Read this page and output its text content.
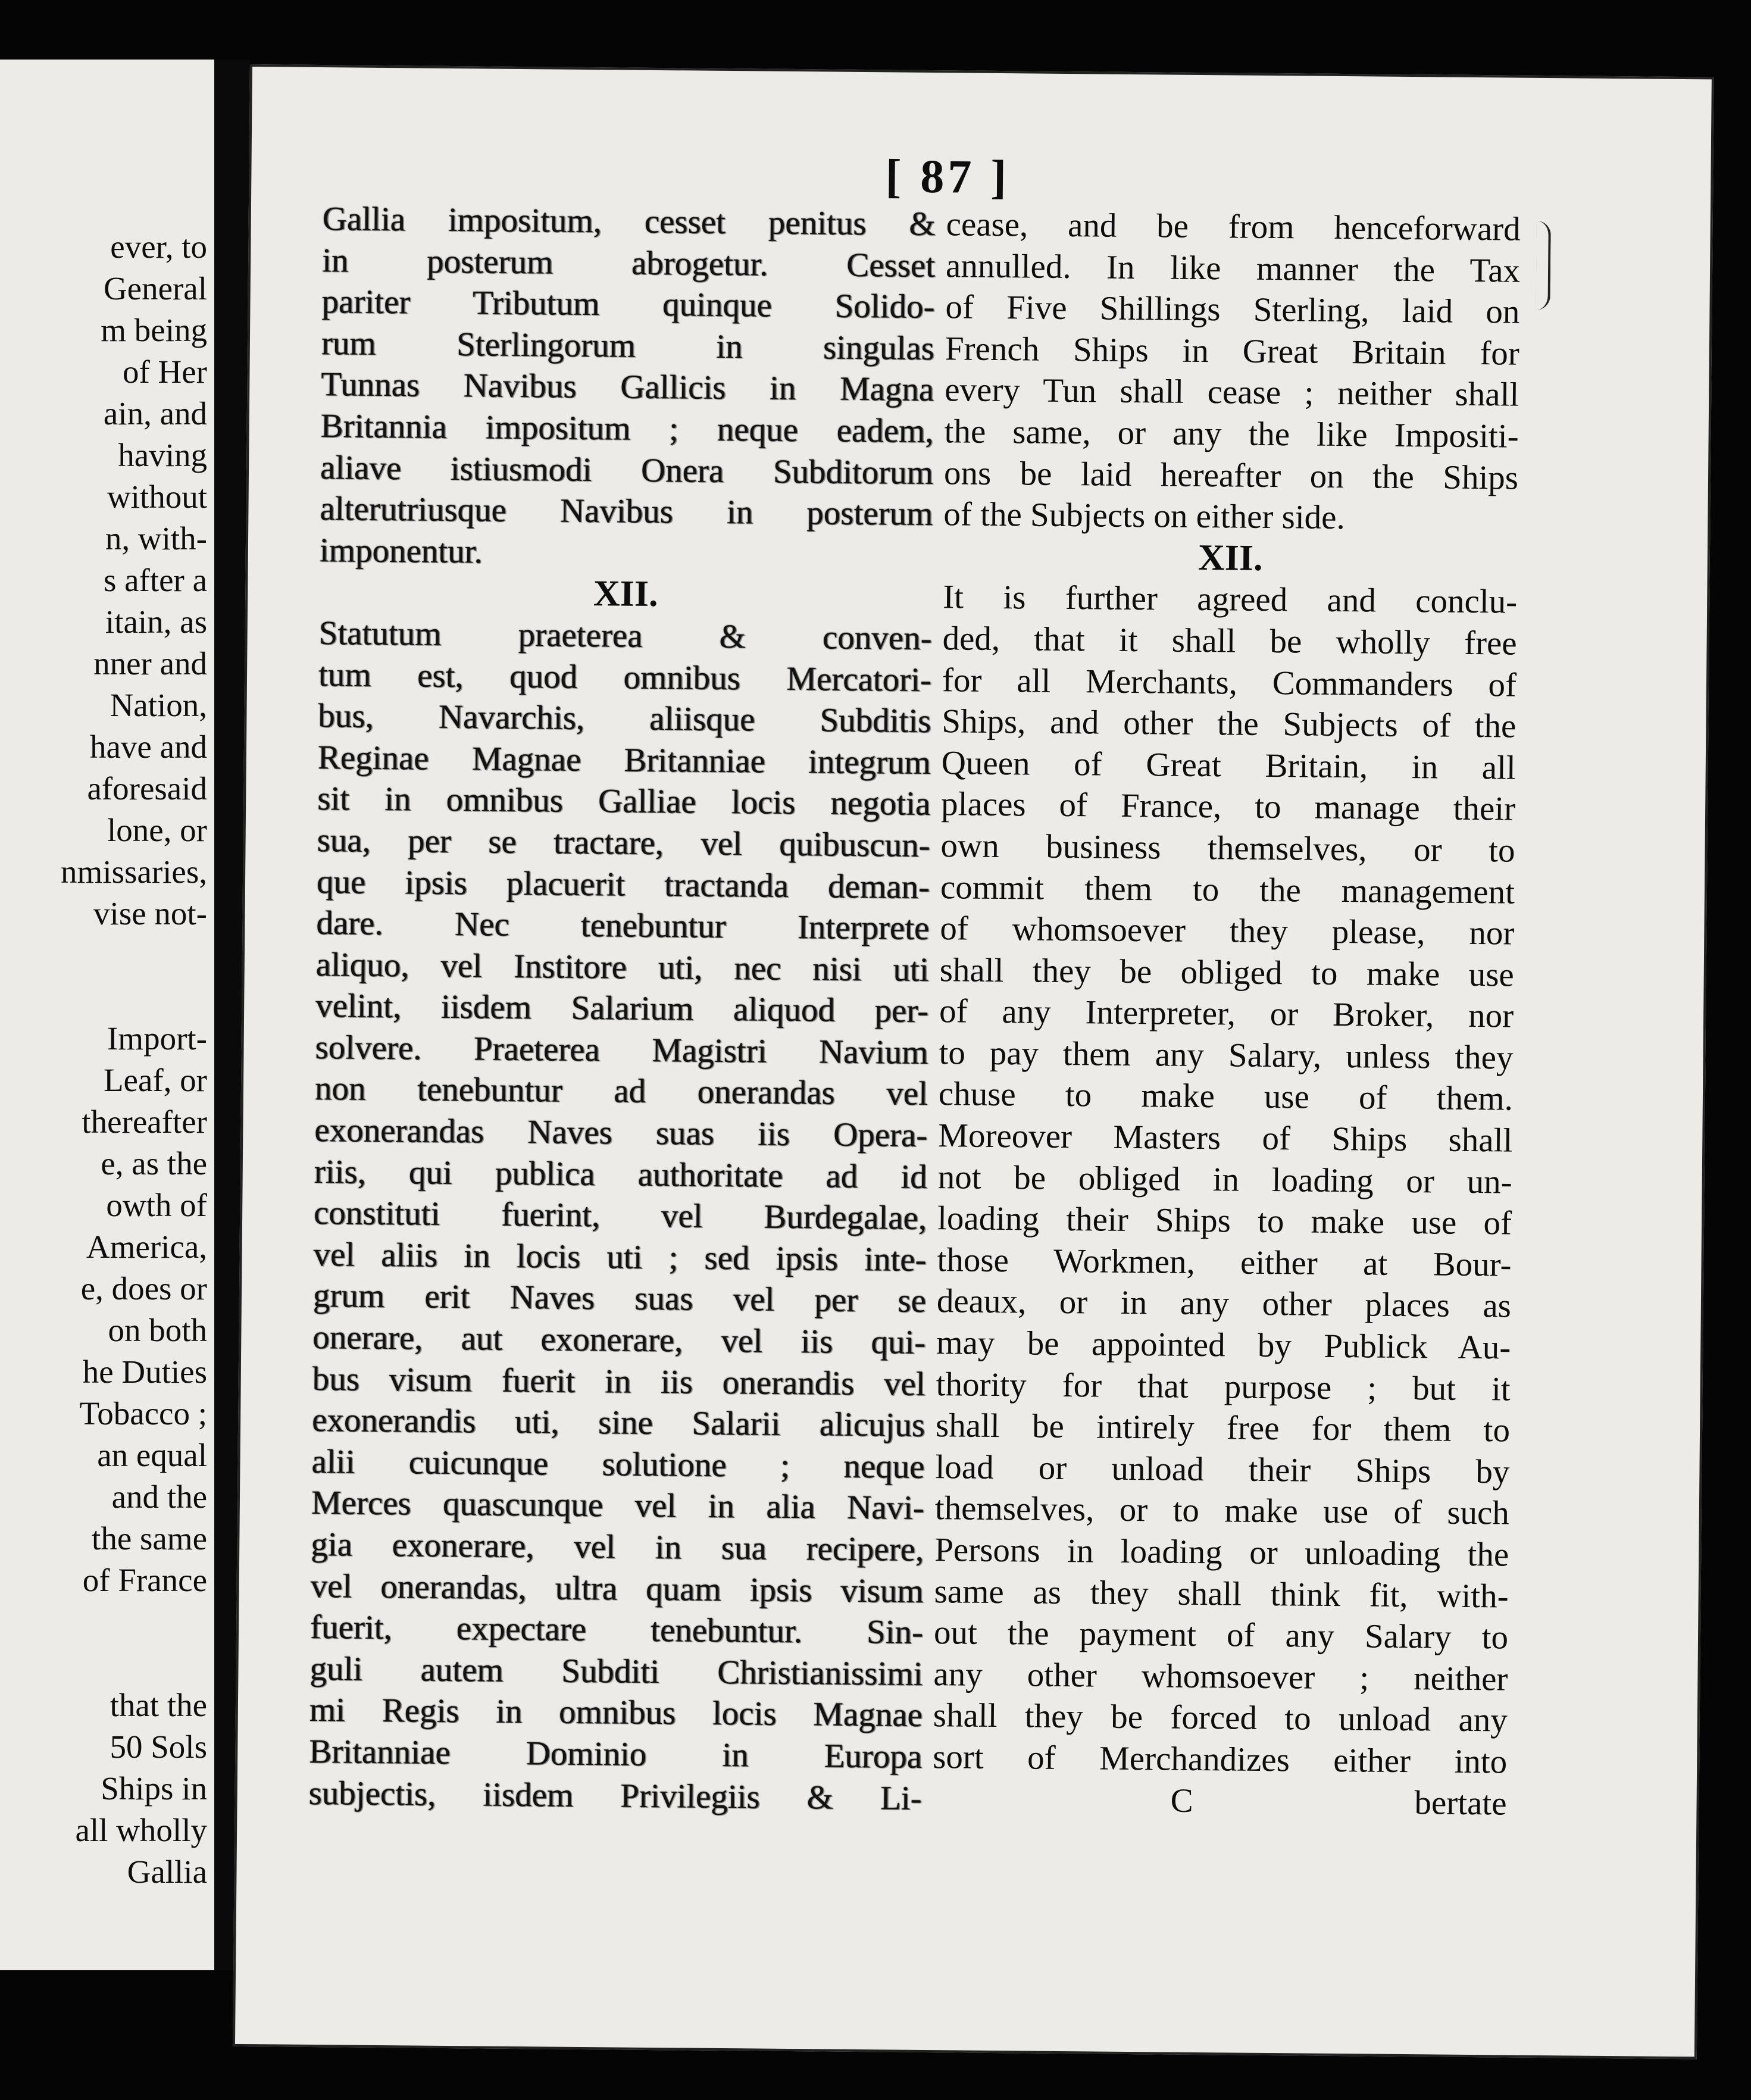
ever, to
General
m being
of Her
ain, and
having
without
n, with-
s after a
itain, as
nner and
Nation,
have and
aforesaid
lone, or
nmissaries,
vise not-
Import-
Leaf, or
thereafter
e, as the
owth of
America,
e, does or
on both
he Duties
Tobacco ;
an equal
and the
the same
of France
that the
50 Sols
Ships in
all wholly
Gallia
[ 87 ]
Gallia impositum, cesset penitus &
in posterum abrogetur. Cesset
pariter Tributum quinque Solido-
rum Sterlingorum in singulas
Tunnas Navibus Gallicis in Magna
Britannia impositum ; neque eadem,
aliave istiusmodi Onera Subditorum
alterutriusque Navibus in posterum
imponentur.
XII.
Statutum praeterea & conven-
tum est, quod omnibus Mercatori-
bus, Navarchis, aliisque Subditis
Reginae Magnae Britanniae integrum
sit in omnibus Galliae locis negotia
sua, per se tractare, vel quibuscun-
que ipsis placuerit tractanda deman-
dare. Nec tenebuntur Interprete
aliquo, vel Institore uti, nec nisi uti
velint, iisdem Salarium aliquod per-
solvere. Praeterea Magistri Navium
non tenebuntur ad onerandas vel
exonerandas Naves suas iis Opera-
riis, qui publica authoritate ad id
constituti fuerint, vel Burdegalae,
vel aliis in locis uti ; sed ipsis inte-
grum erit Naves suas vel per se
onerare, aut exonerare, vel iis qui-
bus visum fuerit in iis onerandis vel
exonerandis uti, sine Salarii alicujus
alii cuicunque solutione ; neque
Merces quascunque vel in alia Navi-
gia exonerare, vel in sua recipere,
vel onerandas, ultra quam ipsis visum
fuerit, expectare tenebuntur. Sin-
guli autem Subditi Christianissimi
mi Regis in omnibus locis Magnae
Britanniae Dominio in Europa
subjectis, iisdem Privilegiis & Li-
cease, and be from henceforward
annulled. In like manner the Tax
of Five Shillings Sterling, laid on
French Ships in Great Britain for
every Tun shall cease ; neither shall
the same, or any the like Impositi-
ons be laid hereafter on the Ships
of the Subjects on either side.
XII.
It is further agreed and conclu-
ded, that it shall be wholly free
for all Merchants, Commanders of
Ships, and other the Subjects of the
Queen of Great Britain, in all
places of France, to manage their
own business themselves, or to
commit them to the management
of whomsoever they please, nor
shall they be obliged to make use
of any Interpreter, or Broker, nor
to pay them any Salary, unless they
chuse to make use of them.
Moreover Masters of Ships shall
not be obliged in loading or un-
loading their Ships to make use of
those Workmen, either at Bour-
deaux, or in any other places as
may be appointed by Publick Au-
thority for that purpose ; but it
shall be intirely free for them to
load or unload their Ships by
themselves, or to make use of such
Persons in loading or unloading the
same as they shall think fit, with-
out the payment of any Salary to
any other whomsoever ; neither
shall they be forced to unload any
sort of Merchandizes either into
C	bertate
